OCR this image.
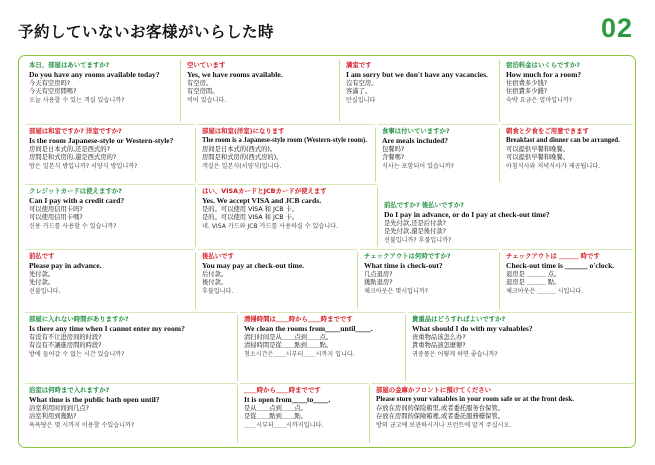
予約していないお客様がいらした時	02
本日、部屋はあいてますか?
Do you have any rooms available today?
今天有空房吗?
今天有空房間嗎?
오늘 사용할 수 있는 객실 있습니까?
空いています
Yes, we have rooms available.
有空房。
有空房間。
비어 있습니다.
満室です
I am sorry but we don't have any vacancies.
沒有空房。
客滿了。
만실입니다
宿泊料金はいくらですか?
How much for a room?
住宿费多少钱?
住宿費多少錢?
숙박 요금은 얼마입니까?
部屋は和室ですか? 洋室ですか?
Is the room Japanese-style or Western-style?
房间是日本式的,还是西式的?
房間是和式房的,還是西式房的?
방은 일본식 방입니까? 서양식 방입니까?
部屋は和室(洋室)になります
The room is a Japanese-style room (Western-style room).
房间是日本式的(西式的)。
房間是和式房的(西式房的)。
객실은 일본식(서양식)입니다.
食事は付いていますか?
Are meals included?
包餐吗?
含餐嗎?
식사는 포함되어 있습니까?
朝食と夕食をご用意できます
Breakfast and dinner can be arranged.
可以提供早餐和晚餐。
可以提供早餐和晚餐。
아침식사와 저녁식사가 제공됩니다.
クレジットカードは使えますか?
Can I pay with a credit card?
可以使用信用卡吗?
可以使用信用卡嗎?
신용 카드를 사용할 수 있습니까?
はい、VISAカードとJCBカードが使えます
Yes. We accept VISA and JCB cards.
是的。可以使用 VISA 和 JCB 卡。
是的。可以使用 VISA 和 JCB 卡。
네. VISA 카드와 JCB 카드를 사용하실 수 있습니다.
前払ですか? 後払いですか?
Do I pay in advance, or do I pay at check-out time?
是先付款,还是后付款?
是先付款,還是後付款?
선불입니까? 후불입니까?
前払です
Please pay in advance.
先付款。
先付款。
선불입니다.
後払いです
You may pay at check-out time.
后付款。
後付款。
후불입니다.
チェックアウトは何時ですか?
What time is check-out?
几点退房?
幾點退房?
체크아웃은 몇시입니까?
チェックアウトは ＿＿＿ 時です
Check-out time is ＿＿＿ o'clock.
退房是 ＿＿＿ 点。
退房是 ＿＿＿ 點。
체크아웃은 ＿＿＿ 시입니다.
部屋に入れない時間がありますか?
Is there any time when I cannot enter my room?
有没有不让进房间的时段?
有沒有不讓進房間的時段?
방에 들어갈 수 없는 시간 있습니까?
清掃時間は＿＿時から＿＿時までです
We clean the rooms from＿＿until＿＿.
清扫时间是从＿＿点到＿＿点。
清掃時間是從＿＿點到＿＿點。
청소시간은＿＿시부터＿＿시까지 입니다.
貴重品はどうすればよいですか?
What should I do with my valuables?
贵重物品该怎么办?
貴重物品該怎麼辦?
귀중품은 어떻게 하면 좋습니까?
浴室は何時まで入れますか?
What time is the public bath open until?
浴室利用时间到几点?
浴室利用到幾點?
욕욕탕은 몇 시까지 이용할 수있습니까?
＿＿時から＿＿時までです
It is open from＿＿to＿＿.
是从＿＿点到＿＿点。
是從＿＿點到＿＿點。
＿＿시부터＿＿시까지입니다.
部屋の金庫かフロントに預けてください
Please store your valuables in your room safe or at the front desk.
存放在房间的保险箱里,或者委托服务台保管。
存放在房間的保險箱裡,或者委託服務檯保管。
방의 금고에 보관하시거나 프런트에 맡겨 주십시오.
